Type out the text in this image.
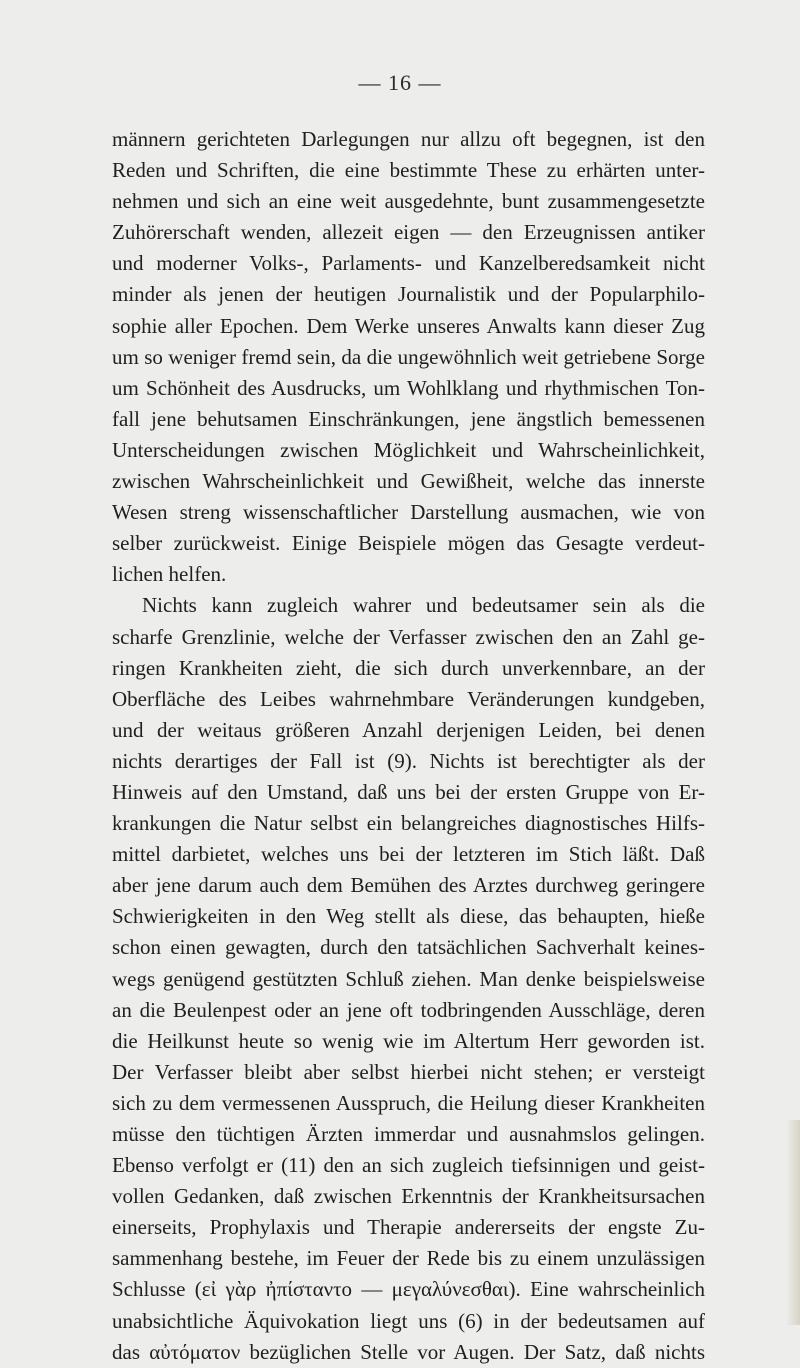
— 16 —
männern gerichteten Darlegungen nur allzu oft begegnen, ist den
Reden und Schriften, die eine bestimmte These zu erhärten unter-
nehmen und sich an eine weit ausgedehnte, bunt zusammengesetzte
Zuhörerschaft wenden, allezeit eigen — den Erzeugnissen antiker
und moderner Volks-, Parlaments- und Kanzelberedsamkeit nicht
minder als jenen der heutigen Journalistik und der Popularphilo-
sophie aller Epochen. Dem Werke unseres Anwalts kann dieser Zug
um so weniger fremd sein, da die ungewöhnlich weit getriebene Sorge
um Schönheit des Ausdrucks, um Wohlklang und rhythmischen Ton-
fall jene behutsamen Einschränkungen, jene ängstlich bemessenen
Unterscheidungen zwischen Möglichkeit und Wahrscheinlichkeit,
zwischen Wahrscheinlichkeit und Gewißheit, welche das innerste
Wesen streng wissenschaftlicher Darstellung ausmachen, wie von
selber zurückweist. Einige Beispiele mögen das Gesagte verdeut-
lichen helfen.
Nichts kann zugleich wahrer und bedeutsamer sein als die
scharfe Grenzlinie, welche der Verfasser zwischen den an Zahl ge-
ringen Krankheiten zieht, die sich durch unverkennbare, an der
Oberfläche des Leibes wahrnehmbare Veränderungen kundgeben,
und der weitaus größeren Anzahl derjenigen Leiden, bei denen
nichts derartiges der Fall ist (9). Nichts ist berechtigter als der
Hinweis auf den Umstand, daß uns bei der ersten Gruppe von Er-
krankungen die Natur selbst ein belangreiches diagnostisches Hilfs-
mittel darbietet, welches uns bei der letzteren im Stich läßt. Daß
aber jene darum auch dem Bemühen des Arztes durchweg geringere
Schwierigkeiten in den Weg stellt als diese, das behaupten, hieße
schon einen gewagten, durch den tatsächlichen Sachverhalt keines-
wegs genügend gestützten Schluß ziehen. Man denke beispielsweise
an die Beulenpest oder an jene oft todbringenden Ausschläge, deren
die Heilkunst heute so wenig wie im Altertum Herr geworden ist.
Der Verfasser bleibt aber selbst hierbei nicht stehen; er versteigt
sich zu dem vermessenen Ausspruch, die Heilung dieser Krankheiten
müsse den tüchtigen Ärzten immerdar und ausnahmslos gelingen.
Ebenso verfolgt er (11) den an sich zugleich tiefsinnigen und geist-
vollen Gedanken, daß zwischen Erkenntnis der Krankheitsursachen
einerseits, Prophylaxis und Therapie andererseits der engste Zu-
sammenhang bestehe, im Feuer der Rede bis zu einem unzulässigen
Schlusse (εἰ γὰρ ἠπίσταντο — μεγαλύνεσθαι). Eine wahrscheinlich
unabsichtliche Äquivokation liegt uns (6) in der bedeutsamen auf
das αὐτόματον bezüglichen Stelle vor Augen. Der Satz, daß nichts
